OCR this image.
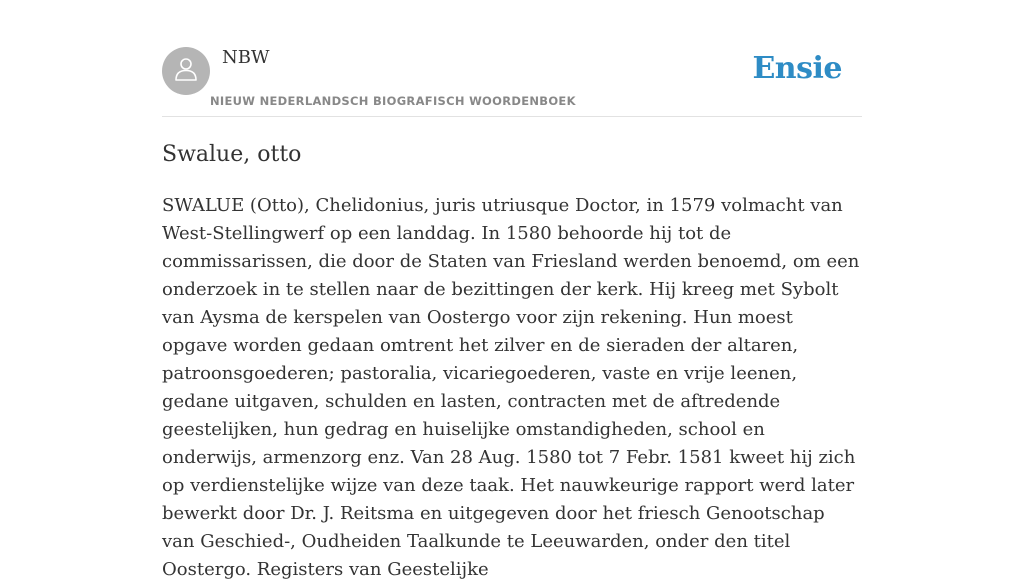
NBW
NIEUW NEDERLANDSCH BIOGRAFISCH WOORDENBOEK
Ensie
Swalue, otto

SWALUE (Otto), Chelidonius, juris utriusque Doctor, in 1579 volmacht van West-Stellingwerf op een landdag. In 1580 behoorde hij tot de commissarissen, die door de Staten van Friesland werden benoemd, om een onderzoek in te stellen naar de bezittingen der kerk. Hij kreeg met Sybolt van Aysma de kerspelen van Oostergo voor zijn rekening. Hun moest opgave worden gedaan omtrent het zilver en de sieraden der altaren, patroonsgoederen; pastoralia, vicariegoederen, vaste en vrije leenen, gedane uitgaven, schulden en lasten, contracten met de aftredende geestelijken, hun gedrag en huiselijke omstandigheden, school en onderwijs, armenzorg enz. Van 28 Aug. 1580 tot 7 Febr. 1581 kweet hij zich op verdienstelijke wijze van deze taak. Het nauwkeurige rapport werd later bewerkt door Dr. J. Reitsma en uitgegeven door het friesch Genootschap van Geschied-, Oudheiden Taalkunde te Leeuwarden, onder den titel Oostergo. Registers van Geestelijke
